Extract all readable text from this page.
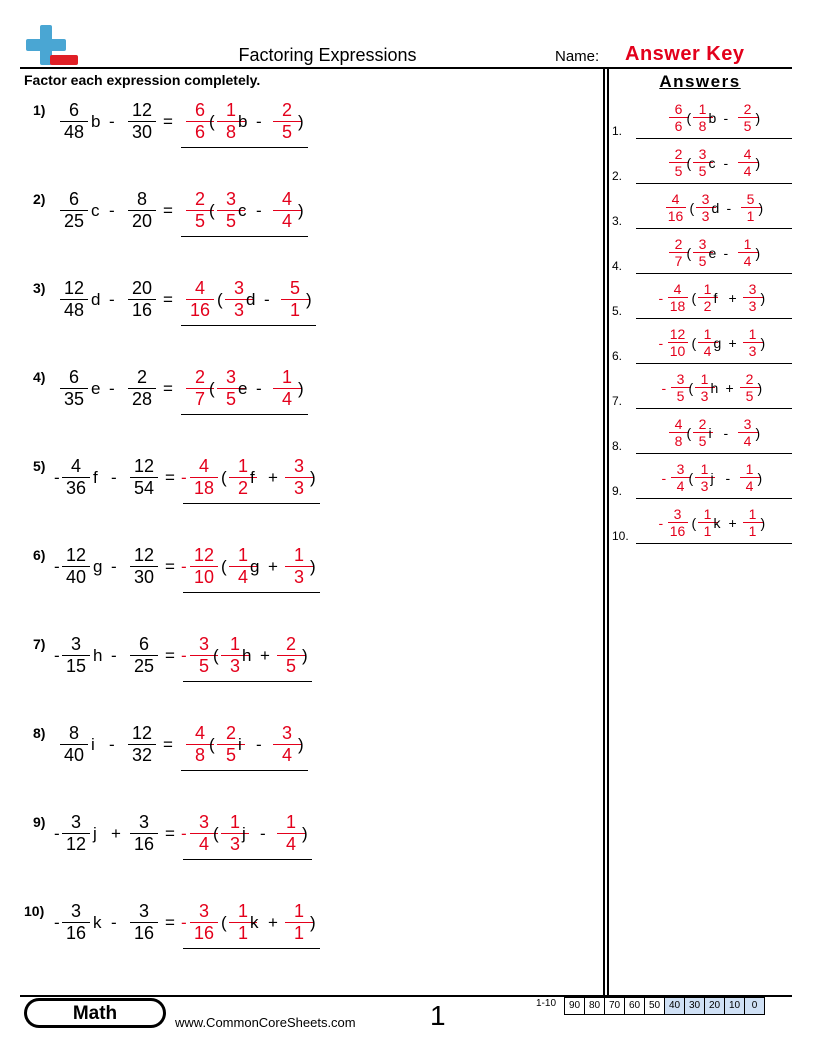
Factoring Expressions	Name: Answer Key
Factor each expression completely.	Answers
1)	6
48
b -
12
30
=
6
6
(
1
8
b -
2
5
)
2)	6
25
c -
8
20
=
2
5
(
3
5
c -
4
4
)
3)	12
48
d -
20
16
=
4
16
(
3
3
d -
5
1
)
4)	6
35
e -
2
28
=
2
7
(
3
5
e -
1
4
)
5)
-
4
36
f -
12
54
= -
4
18
(
1
2
f +
3
3
)
6)
-
12
40
g -
12
30
= -
12
10
(
1
4
g +
1
3
)
7)
-
3
15
h -
6
25
= -
3
5
(
1
3
h +
2
5
)
8)	8
40
i -
12
32
=
4
8
(
2
5
i -
3
4
)
9)
-
3
12
j +
3
16
= -
3
4
(
1
3
j -
1
4
)
10)
-
3
16
k -
3
16
= -
3
16
(
1
1
k +
1
1
)
1.
6
6 (
1
8 b -
2
5 )
2.
2
5 (
3
5 c -
4
4 )
3.
4
16 (
3
3 d -
5
1 )
4.
2
7 (
3
5 e -
1
4 )
5.
-
4
18 (
1
2 f +
3
3 )
6.
-
12
10 (
1
4 g +
1
3 )
7.
-
3
5 (
1
3 h +
2
5 )
8.
4
8 (
2
5 i -
3
4 )
9.
-
3
4 (
1
3 j -
1
4 )
10.
-
3
16 (
1
1 k +
1
1 )
Math	www.CommonCoreSheets.com	1	1-10	90 80 70 60 50 40 30 20 10	0
